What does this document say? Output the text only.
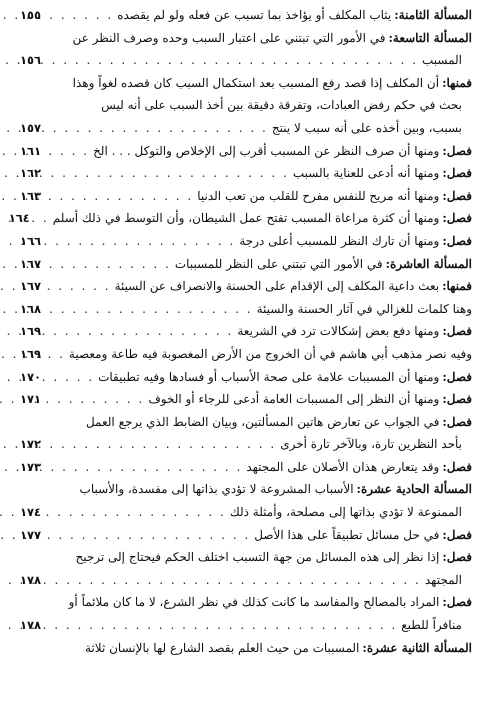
المسألة الثامنة:
يثاب المكلف أو يؤاخذ بما تسبب عن فعله ولو لم يقصده
. . .
١٥٥
المسألة التاسعة:
في الأمور التي تبتني على اعتبار السبب وحده وصرف النظر عن
المسبب
. . .
١٥٦
فمنها:
أن المكلف إذا قصد رفع المسبب بعد استكمال السبب كان قصده لغواً وهذا
بحث في حكم رفض العبادات، وتفرقة دقيقة بين أخذ السبب على أنه ليس
بسبب، وبين أخذه على أنه سبب لا ينتج
. . .
١٥٧
فصل:
ومنها أن صرف النظر عن المسبب أقرب إلى الإخلاص والتوكل . . . الخ
. . .
١٦١
فصل:
ومنها أنه أدعى للعناية بالسبب
. . .
١٦٢
فصل:
ومنها أنه مريح للنفس مفرح للقلب من تعب الدنيا
. . .
١٦٣
فصل:
ومنها أن كثرة مراعاة المسبب تفتح عمل الشيطان، وأن التوسط في ذلك أسلم
. . .
١٦٤
فصل:
ومنها أن تارك النظر للمسبب أعلى درجة
. . .
١٦٦
المسألة العاشرة:
في الأمور التي تبتني على النظر للمسببات
. . .
١٦٧
فمنها:
بعث داعية المكلف إلى الإقدام على الحسنة والانصراف عن السيئة
. . .
١٦٧
وهنا كلمات للغزالي في آثار الحسنة والسيئة
. . .
١٦٨
فصل:
ومنها دفع بعض إشكالات ترد في الشريعة
. . .
١٦٩
وفيه نصر مذهب أبي هاشم في أن الخروج من الأرض المغصوبة فيه طاعة ومعصية
. . .
١٦٩
فصل:
ومنها أن المسببات علامة على صحة الأسباب أو فسادها وفيه تطبيقات
. . .
١٧٠
فصل:
ومنها أن النظر إلى المسببات العامة أدعى للرجاء أو الخوف
. . .
١٧١
فصل:
في الجواب عن تعارض هاتين المسألتين، وبيان الضابط الذي يرجع العمل
بأحد النظرين تارة، وبالآخر تارة أخرى
. . .
١٧٢
فصل:
وقد يتعارض هذان الأصلان على المجتهد
. . .
١٧٣
المسألة الحادية عشرة:
الأسباب المشروعة لا تؤدي بذاتها إلى مفسدة، والأسباب
الممنوعة لا تؤدي بذاتها إلى مصلحة، وأمثلة ذلك
. . .
١٧٤
فصل:
في حل مسائل تطبيقاً على هذا الأصل
. . .
١٧٧
فصل:
إذا نظر إلى هذه المسائل من جهة التسبب اختلف الحكم فيحتاج إلى ترجيح
المجتهد
. . .
١٧٨
فصل:
المراد بالمصالح والمفاسد ما كانت كذلك في نظر الشرع، لا ما كان ملائماً أو
منافراً للطبع
. . .
١٧٨
المسألة الثانية عشرة:
المسببات من حيث العلم بقصد الشارع لها بالإنسان ثلاثة
